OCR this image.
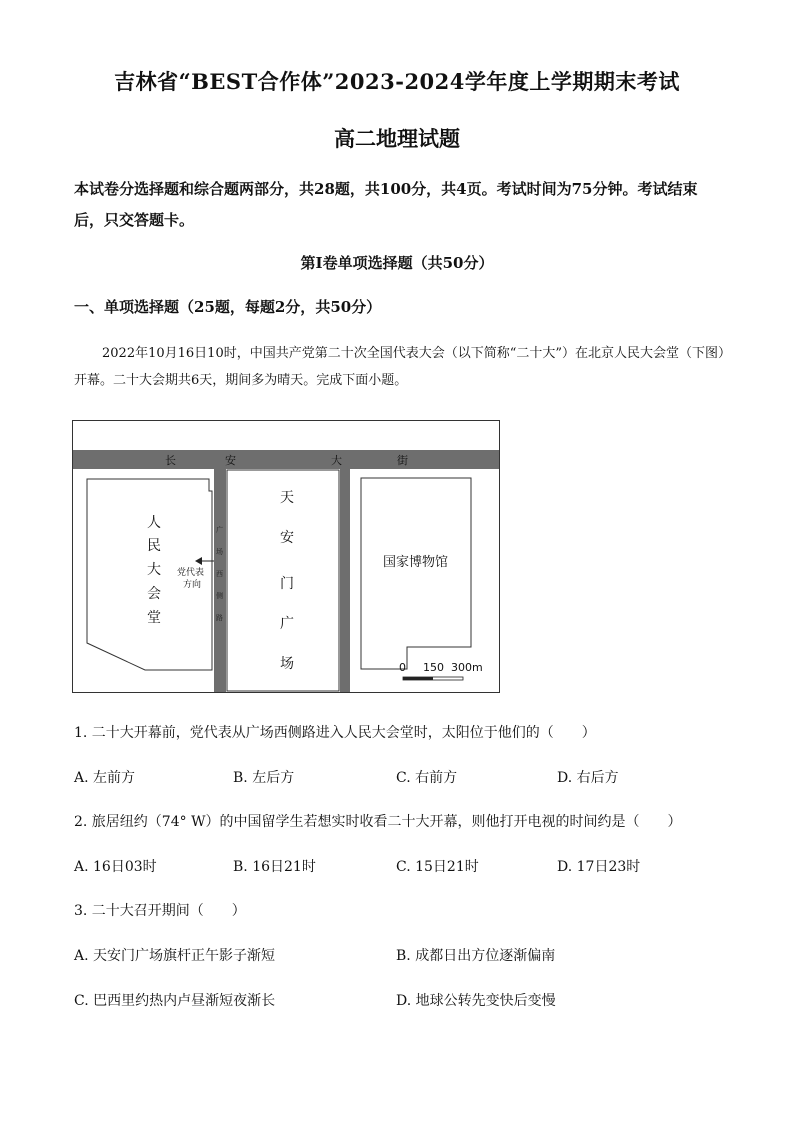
吉林省“BEST合作体”2023-2024学年度上学期期末考试
高二地理试题
本试卷分选择题和综合题两部分，共28题，共100分，共4页。考试时间为75分钟。考试结束后，只交答题卡。
第Ⅰ卷单项选择题（共50分）
一、单项选择题（25题，每题2分，共50分）
2022年10月16日10时，中国共产党第二十次全国代表大会（以下简称“二十大”）在北京人民大会堂（下图）开幕。二十大会期共6天，期间多为晴天。完成下面小题。
长	安	大	街
广
场
西
侧
路
人
民
大
会
堂
天
安
门
广
场
国家博物馆
党代表
方向
0 150 300m
1. 二十大开幕前，党代表从广场西侧路进入人民大会堂时，太阳位于他们的（　　）
A. 左前方	B. 左后方	C. 右前方	D. 右后方
2. 旅居纽约（74° W）的中国留学生若想实时收看二十大开幕，则他打开电视的时间约是（　　）
A. 16日03时	B. 16日21时	C. 15日21时	D. 17日23时
3. 二十大召开期间（　　）
A. 天安门广场旗杆正午影子渐短	B. 成都日出方位逐渐偏南
C. 巴西里约热内卢昼渐短夜渐长	D. 地球公转先变快后变慢
